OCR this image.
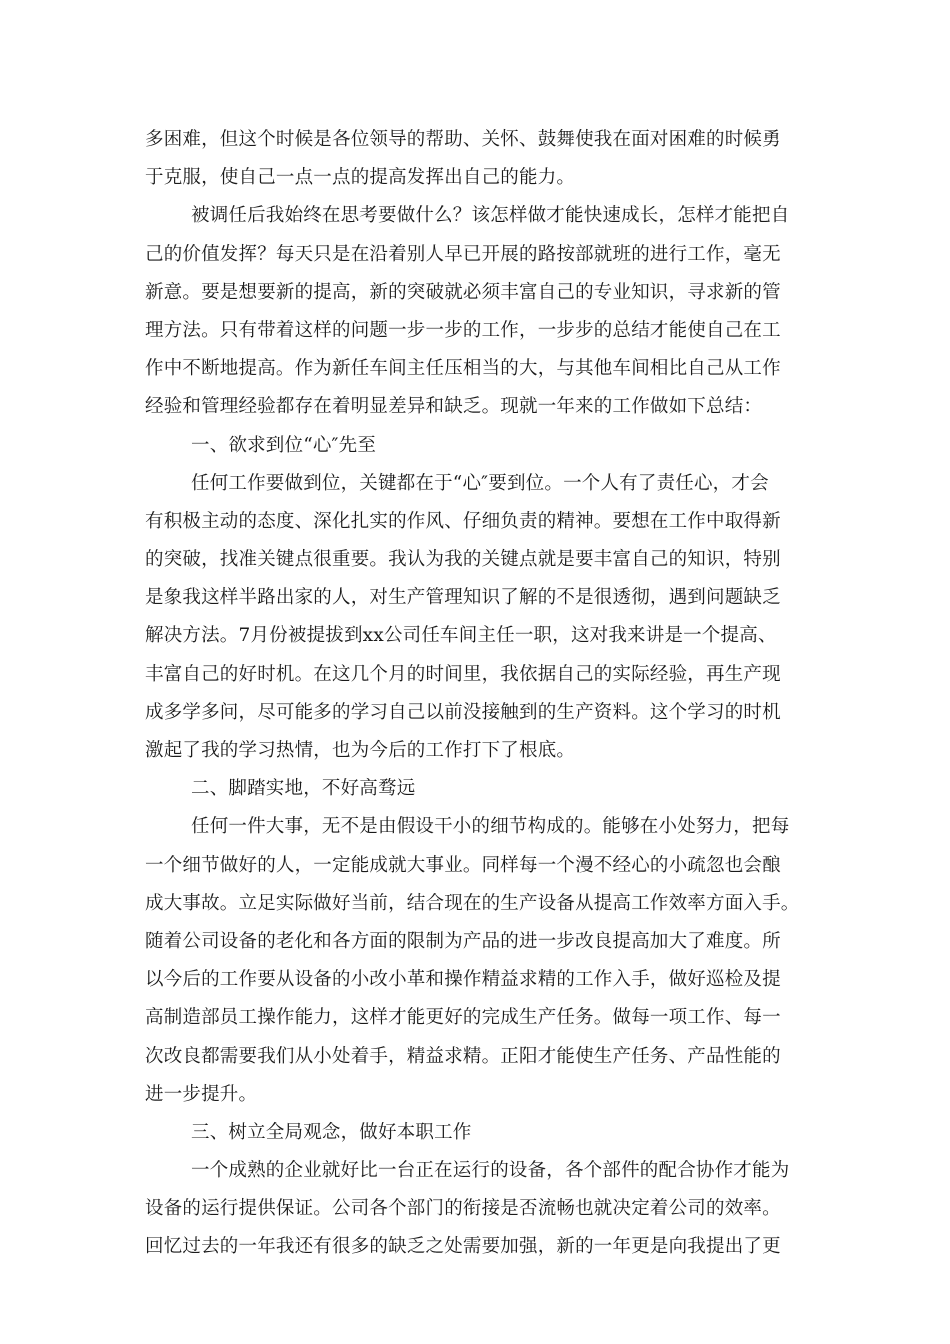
多困难，但这个时候是各位领导的帮助、关怀、鼓舞使我在面对困难的时候勇
于克服，使自己一点一点的提高发挥出自己的能力。
被调任后我始终在思考要做什么？该怎样做才能快速成长，怎样才能把自
己的价值发挥？每天只是在沿着别人早已开展的路按部就班的进行工作，毫无
新意。要是想要新的提高，新的突破就必须丰富自己的专业知识，寻求新的管
理方法。只有带着这样的问题一步一步的工作，一步步的总结才能使自己在工
作中不断地提高。作为新任车间主任压相当的大，与其他车间相比自己从工作
经验和管理经验都存在着明显差异和缺乏。现就一年来的工作做如下总结：
一、欲求到位“心″先至
任何工作要做到位，关键都在于“心″要到位。一个人有了责任心，才会
有积极主动的态度、深化扎实的作风、仔细负责的精神。要想在工作中取得新
的突破，找准关键点很重要。我认为我的关键点就是要丰富自己的知识，特别
是象我这样半路出家的人，对生产管理知识了解的不是很透彻，遇到问题缺乏
解决方法。7月份被提拔到xx公司任车间主任一职，这对我来讲是一个提高、
丰富自己的好时机。在这几个月的时间里，我依据自己的实际经验，再生产现
成多学多问，尽可能多的学习自己以前没接触到的生产资料。这个学习的时机
激起了我的学习热情，也为今后的工作打下了根底。
二、脚踏实地，不好高骛远
任何一件大事，无不是由假设干小的细节构成的。能够在小处努力，把每
一个细节做好的人，一定能成就大事业。同样每一个漫不经心的小疏忽也会酿
成大事故。立足实际做好当前，结合现在的生产设备从提高工作效率方面入手。
随着公司设备的老化和各方面的限制为产品的进一步改良提高加大了难度。所
以今后的工作要从设备的小改小革和操作精益求精的工作入手，做好巡检及提
高制造部员工操作能力，这样才能更好的完成生产任务。做每一项工作、每一
次改良都需要我们从小处着手，精益求精。正阳才能使生产任务、产品性能的
进一步提升。
三、树立全局观念，做好本职工作
一个成熟的企业就好比一台正在运行的设备，各个部件的配合协作才能为
设备的运行提供保证。公司各个部门的衔接是否流畅也就决定着公司的效率。
回忆过去的一年我还有很多的缺乏之处需要加强，新的一年更是向我提出了更
